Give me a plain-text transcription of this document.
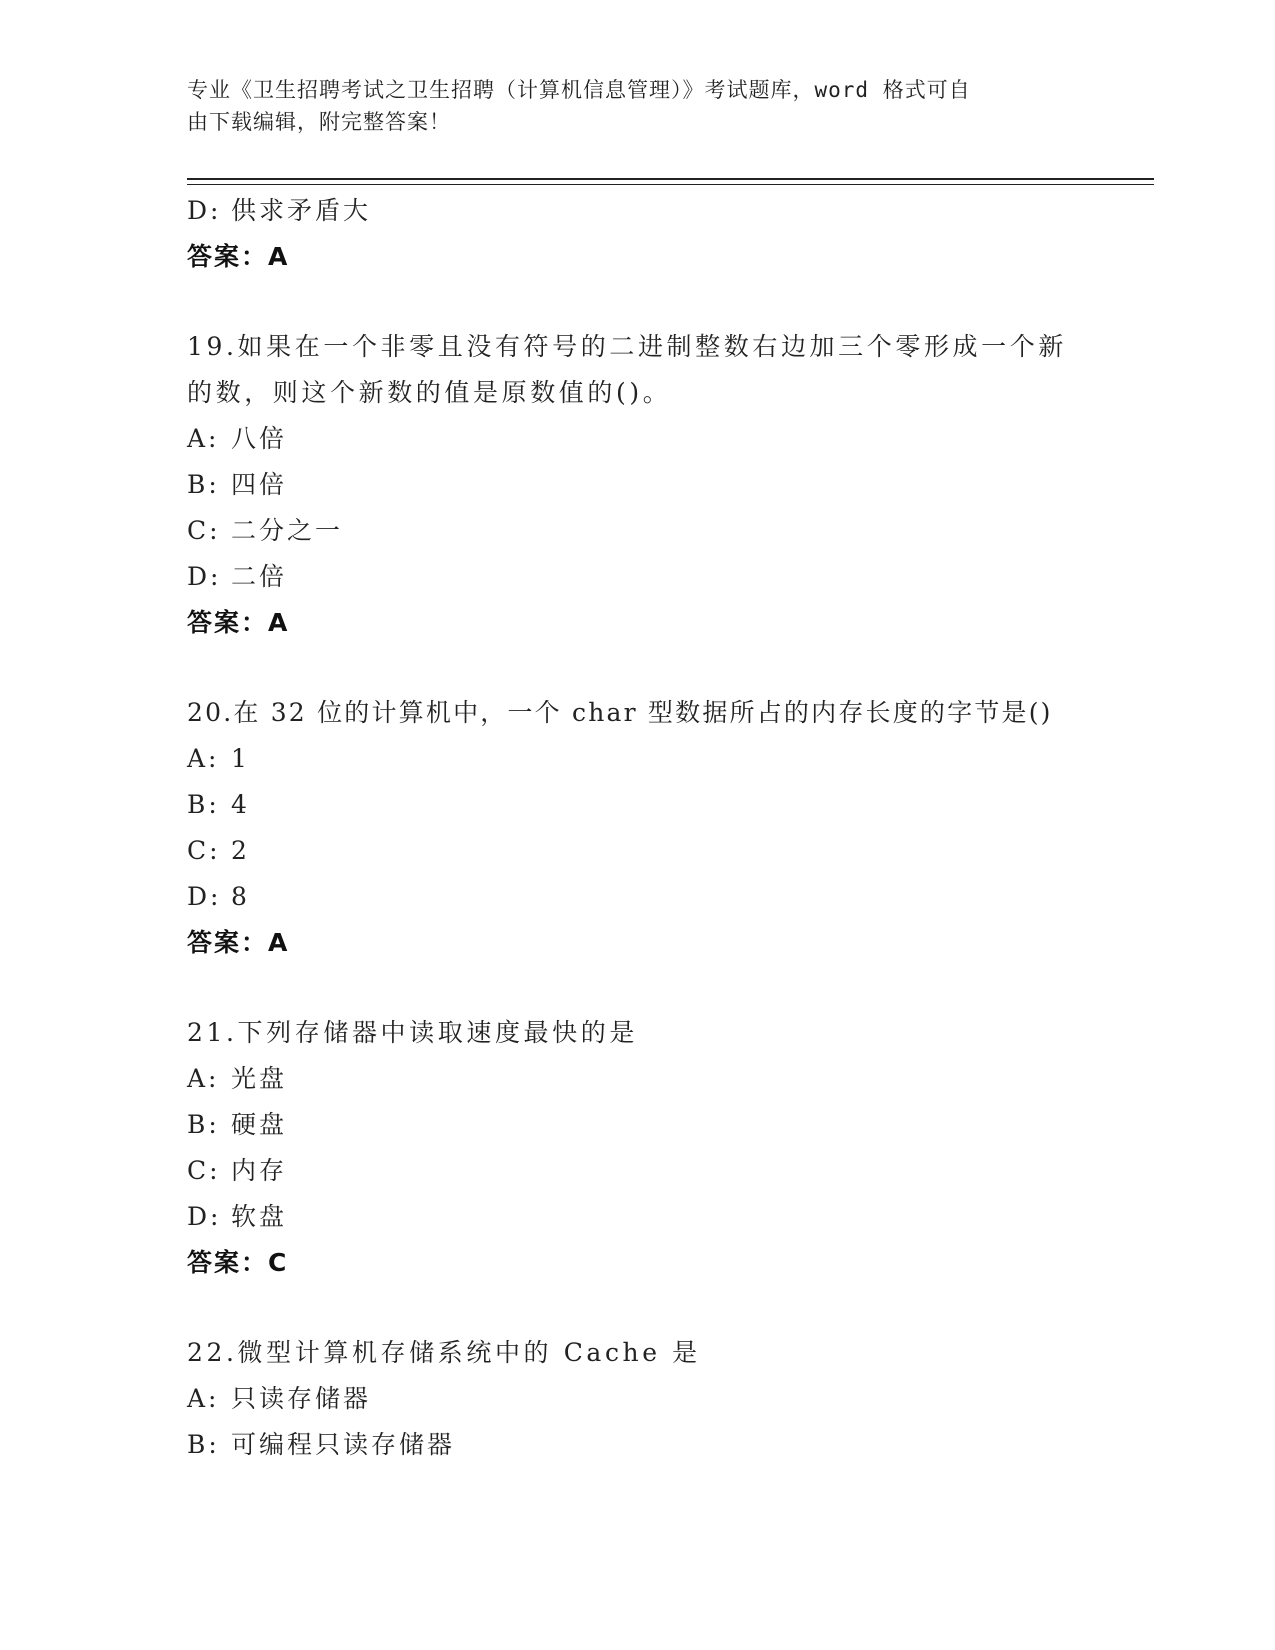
专业《卫生招聘考试之卫生招聘（计算机信息管理）》考试题库，word 格式可自
由下载编辑，附完整答案！
D: 供求矛盾大
答案：A
19.如果在一个非零且没有符号的二进制整数右边加三个零形成一个新
的数，则这个新数的值是原数值的()。
A: 八倍
B: 四倍
C: 二分之一
D: 二倍
答案：A
20.在 32 位的计算机中，一个 char 型数据所占的内存长度的字节是()
A: 1
B: 4
C: 2
D: 8
答案：A
21.下列存储器中读取速度最快的是
A: 光盘
B: 硬盘
C: 内存
D: 软盘
答案：C
22.微型计算机存储系统中的 Cache 是
A: 只读存储器
B: 可编程只读存储器
